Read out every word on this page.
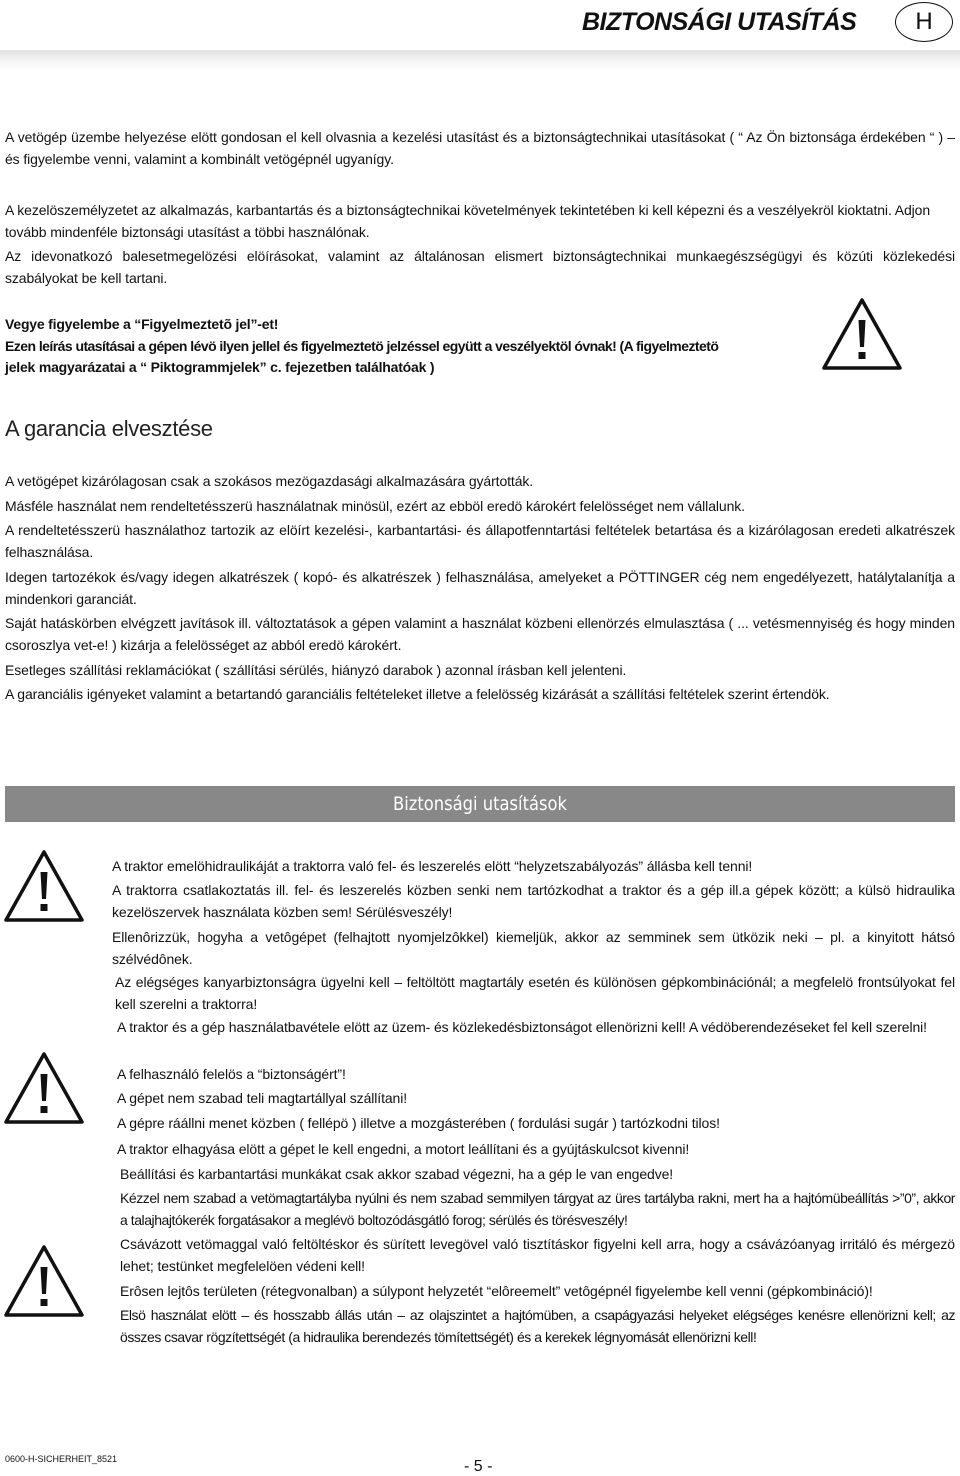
BIZTONSÁGI UTASÍTÁS	H
A vetögép üzembe helyezése elött gondosan el kell olvasnia a kezelési utasítást és a biztonságtechnikai utasításokat ( “ Az Ön biztonsága érdekében “ ) – és figyelembe venni, valamint a kombinált vetögépnél ugyanígy.
A kezelöszemélyzetet az alkalmazás, karbantartás és a biztonságtechnikai követelmények tekintetében ki kell képezni és a veszélyekröl kioktatni. Adjon tovább mindenféle biztonsági utasítást a többi használónak.
Az idevonatkozó balesetmegelözési elöírásokat, valamint az általánosan elismert biztonságtechnikai munkaegészségügyi és közúti közlekedési szabályokat be kell tartani.
Vegye figyelembe a “Figyelmeztetõ jel”-et!
Ezen leírás utasításai a gépen lévö ilyen jellel és figyelmeztetö jelzéssel együtt a veszélyektöl óvnak! (A figyelmeztetö
jelek magyarázatai a “ Piktogrammjelek” c. fejezetben találhatóak )
A garancia elvesztése
A vetögépet kizárólagosan csak a szokásos mezögazdasági alkalmazására gyártották.
Másféle használat nem rendeltetésszerü használatnak minösül, ezért az ebböl eredö károkért felelösséget nem vállalunk.
A rendeltetésszerü használathoz tartozik az elöírt kezelési-, karbantartási- és állapotfenntartási feltételek betartása és a kizárólagosan eredeti alkatrészek felhasználása.
Idegen tartozékok és/vagy idegen alkatrészek ( kopó- és alkatrészek ) felhasználása, amelyeket a PÖTTINGER cég nem engedélyezett, hatálytalanítja a mindenkori garanciát.
Saját hatáskörben elvégzett javítások ill. változtatások a gépen valamint a használat közbeni ellenörzés elmulasztása ( ... vetésmennyiség és hogy minden csoroszlya vet-e! ) kizárja a felelösséget az abból eredö károkért.
Esetleges szállítási reklamációkat ( szállítási sérülés, hiányzó darabok ) azonnal írásban kell jelenteni.
A garanciális igényeket valamint a betartandó garanciális feltételeket illetve a felelösség kizárását a szállítási feltételek szerint értendök.
Biztonsági utasítások
A traktor emelöhidraulikáját a traktorra való fel- és leszerelés elött “helyzetszabályozás” állásba kell tenni!
A traktorra csatlakoztatás ill. fel- és leszerelés közben senki nem tartózkodhat a traktor és a gép ill.a gépek között; a külsö hidraulika kezelöszervek használata közben sem! Sérülésveszély!
Ellenôrizzük, hogyha a vetôgépet (felhajtott nyomjelzôkkel) kiemeljük, akkor az semminek sem ütközik neki – pl. a kinyitott hátsó szélvédônek.
Az elégséges kanyarbiztonságra ügyelni kell – feltöltött magtartály esetén és különösen gépkombinációnál; a megfelelö frontsúlyokat fel kell szerelni a traktorra!
A traktor és a gép használatbavétele elött az üzem- és közlekedésbiztonságot ellenörizni kell! A védöberendezéseket fel kell szerelni!
A felhasználó felelös a “biztonságért”!
A gépet nem szabad teli magtartállyal szállítani!
A gépre ráállni menet közben ( fellépö ) illetve a mozgásterében ( fordulási sugár ) tartózkodni tilos!
A traktor elhagyása elött a gépet le kell engedni, a motort leállítani és a gyújtáskulcsot kivenni!
Beállítási és karbantartási munkákat csak akkor szabad végezni, ha a gép le van engedve!
Kézzel nem szabad a vetömagtartályba nyúlni és nem szabad semmilyen tárgyat az üres tartályba rakni, mert ha a hajtómübeállítás >”0”, akkor a talajhajtókerék forgatásakor a meglévö boltozódásgátló forog; sérülés és törésveszély!
Csávázott vetömaggal való feltöltéskor és sürített levegövel való tisztításkor figyelni kell arra, hogy a csávázóanyag irritáló és mérgezö lehet; testünket megfelelöen védeni kell!
Erôsen lejtôs területen (rétegvonalban) a súlypont helyzetét “elôreemelt” vetôgépnél figyelembe kell venni (gépkombináció)!
Elsö használat elött – és hosszabb állás után – az olajszintet a hajtómüben, a csapágyazási helyeket elégséges kenésre ellenörizni kell; az összes csavar rögzítettségét (a hidraulika berendezés tömítettségét) és a kerekek légnyomását ellenörizni kell!
0600-H-SICHERHEIT_8521	- 5 -
